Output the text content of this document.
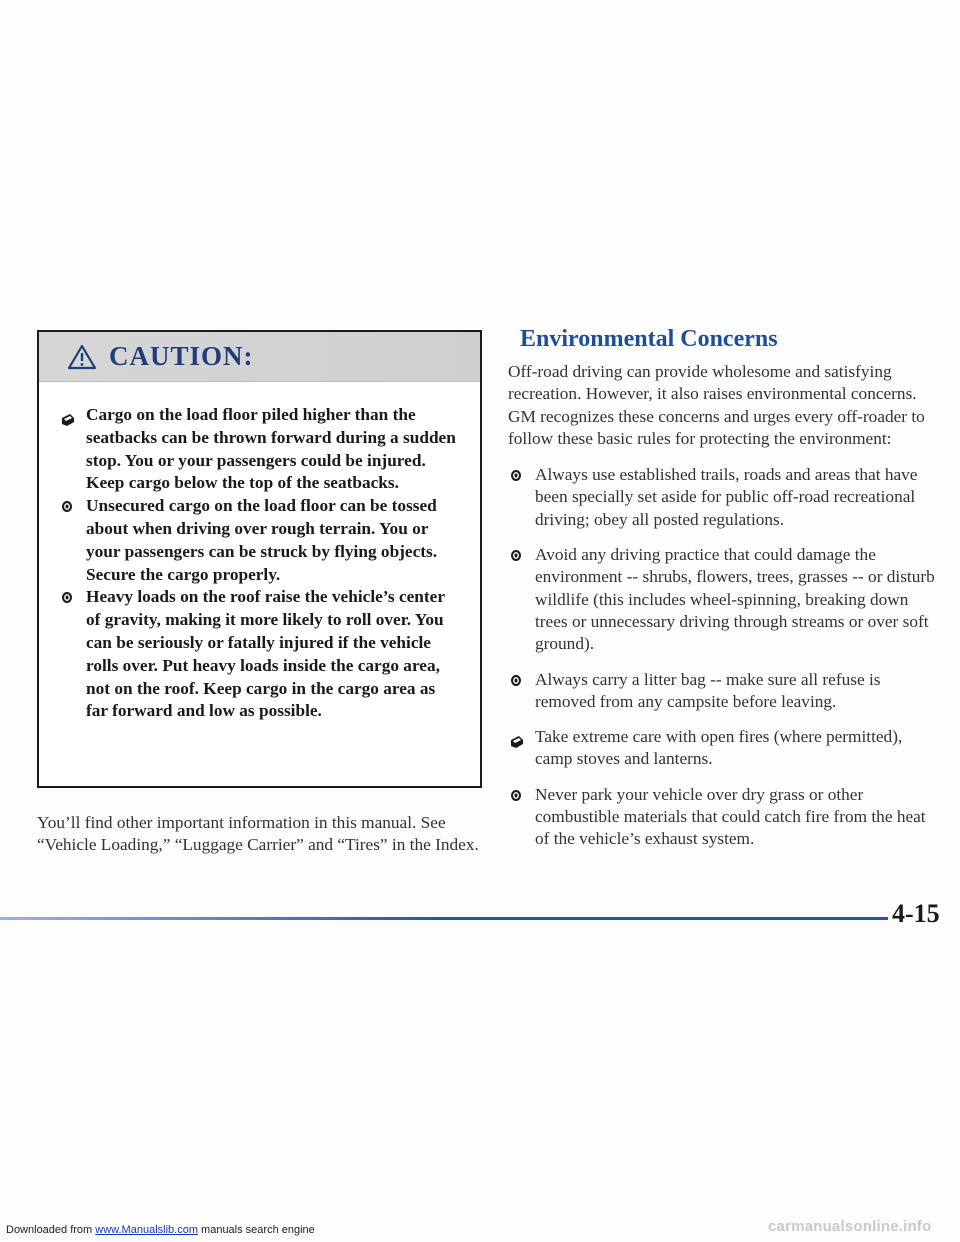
CAUTION:
Cargo on the load floor piled higher than the seatbacks can be thrown forward during a sudden stop. You or your passengers could be injured. Keep cargo below the top of the seatbacks.
Unsecured cargo on the load floor can be tossed about when driving over rough terrain. You or your passengers can be struck by flying objects. Secure the cargo properly.
Heavy loads on the roof raise the vehicle’s center of gravity, making it more likely to roll over. You can be seriously or fatally injured if the vehicle rolls over. Put heavy loads inside the cargo area, not on the roof. Keep cargo in the cargo area as far forward and low as possible.

You’ll find other important information in this manual. See “Vehicle Loading,” “Luggage Carrier” and “Tires” in the Index.

Environmental Concerns

Off-road driving can provide wholesome and satisfying recreation. However, it also raises environmental concerns. GM recognizes these concerns and urges every off-roader to follow these basic rules for protecting the environment:

Always use established trails, roads and areas that have been specially set aside for public off-road recreational driving; obey all posted regulations.
Avoid any driving practice that could damage the environment -- shrubs, flowers, trees, grasses -- or disturb wildlife (this includes wheel-spinning, breaking down trees or unnecessary driving through streams or over soft ground).
Always carry a litter bag -- make sure all refuse is removed from any campsite before leaving.
Take extreme care with open fires (where permitted), camp stoves and lanterns.
Never park your vehicle over dry grass or other combustible materials that could catch fire from the heat of the vehicle’s exhaust system.
4-15
Downloaded from www.Manualslib.com manuals search engine	carmanualsonline.info
